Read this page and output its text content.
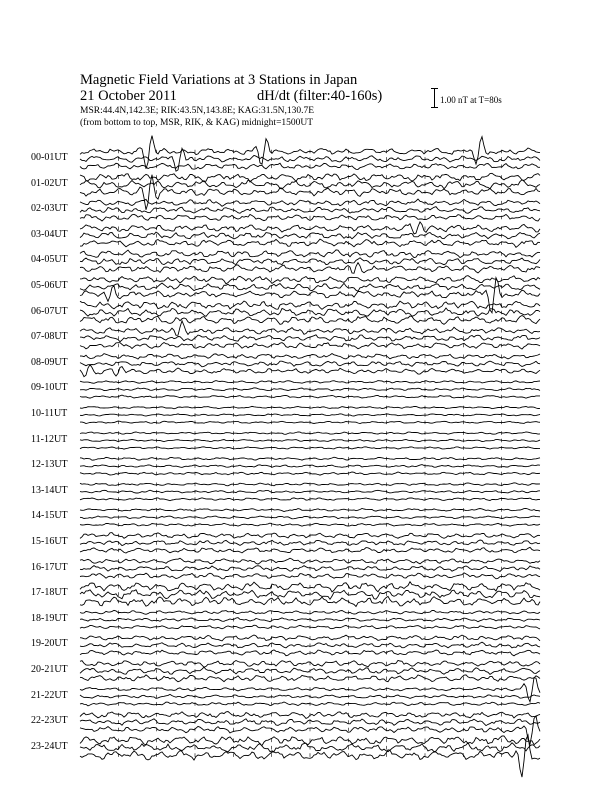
Magnetic Field Variations at 3 Stations in Japan
21 October 2011	dH/dt (filter:40-160s)
MSR:44.4N,142.3E; RIK:43.5N,143.8E; KAG:31.5N,130.7E
(from bottom to top, MSR, RIK, & KAG) midnight=1500UT
1.00 nT at T=80s
00-01UT
01-02UT
02-03UT
03-04UT
04-05UT
05-06UT
06-07UT
07-08UT
08-09UT
09-10UT
10-11UT
11-12UT
12-13UT
13-14UT
14-15UT
15-16UT
16-17UT
17-18UT
18-19UT
19-20UT
20-21UT
21-22UT
22-23UT
23-24UT
